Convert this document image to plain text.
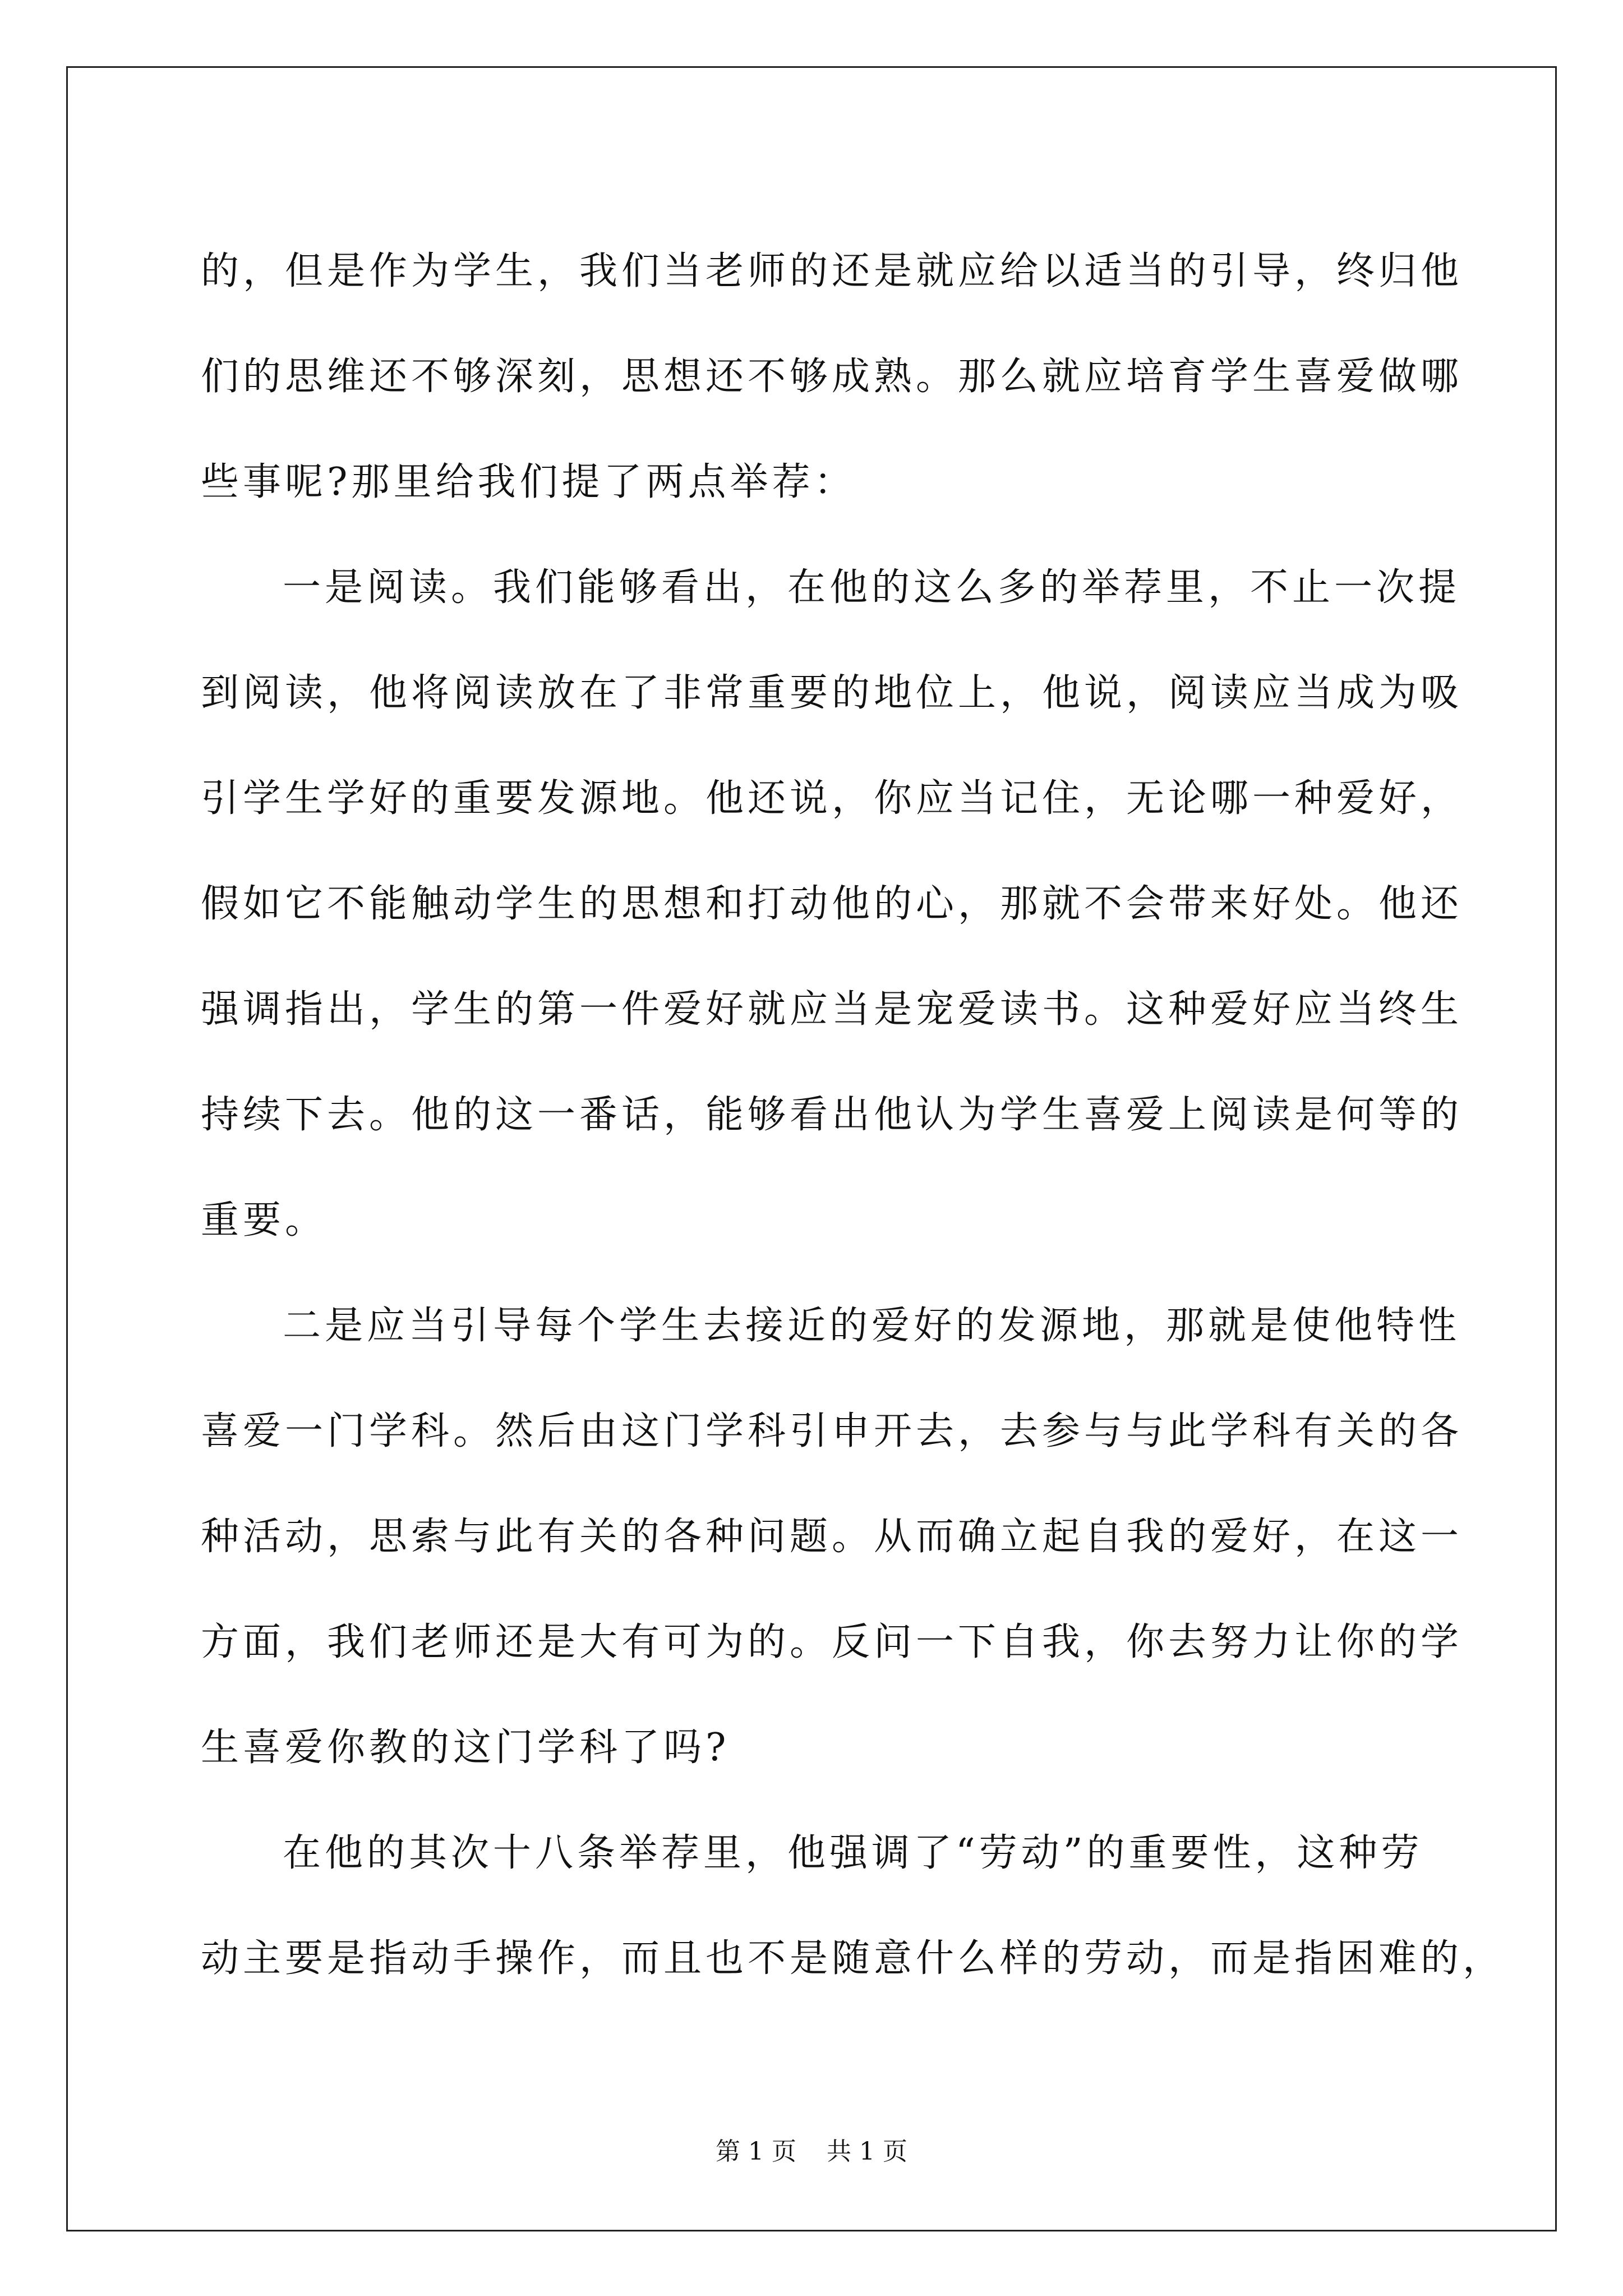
的，但是作为学生，我们当老师的还是就应给以适当的引导，终归他
们的思维还不够深刻，思想还不够成熟。那么就应培育学生喜爱做哪
些事呢?那里给我们提了两点举荐：
一是阅读。我们能够看出，在他的这么多的举荐里，不止一次提
到阅读，他将阅读放在了非常重要的地位上，他说，阅读应当成为吸
引学生学好的重要发源地。他还说，你应当记住，无论哪一种爱好，
假如它不能触动学生的思想和打动他的心，那就不会带来好处。他还
强调指出，学生的第一件爱好就应当是宠爱读书。这种爱好应当终生
持续下去。他的这一番话，能够看出他认为学生喜爱上阅读是何等的
重要。
二是应当引导每个学生去接近的爱好的发源地，那就是使他特性
喜爱一门学科。然后由这门学科引申开去，去参与与此学科有关的各
种活动，思索与此有关的各种问题。从而确立起自我的爱好，在这一
方面，我们老师还是大有可为的。反问一下自我，你去努力让你的学
生喜爱你教的这门学科了吗?
在他的其次十八条举荐里，他强调了“劳动”的重要性，这种劳
动主要是指动手操作，而且也不是随意什么样的劳动，而是指困难的，
第 1 页 共 1 页
